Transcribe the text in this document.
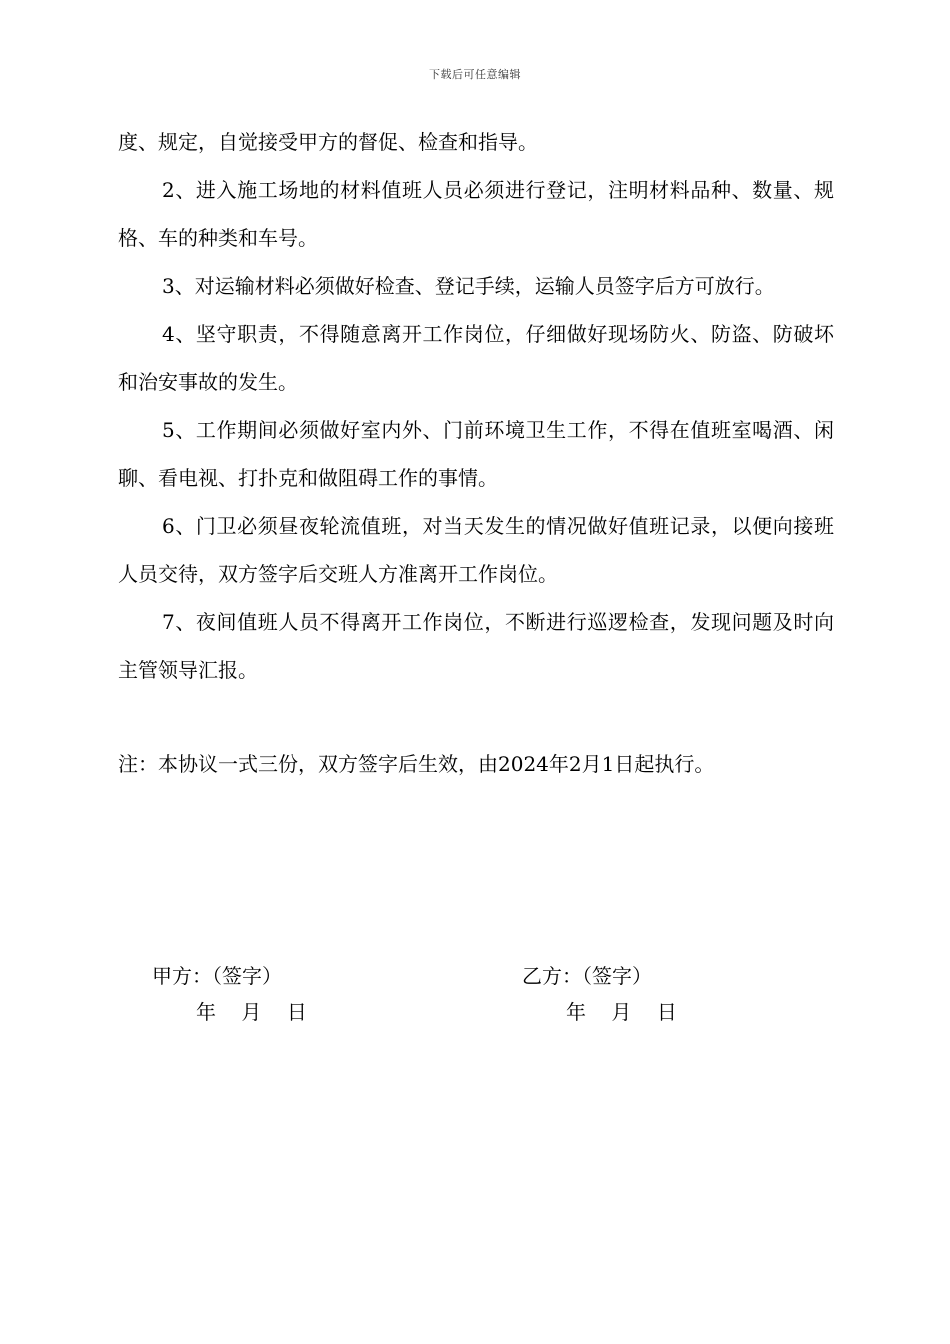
下载后可任意编辑

度、规定，自觉接受甲方的督促、检查和指导。

2、进入施工场地的材料值班人员必须进行登记，注明材料品种、数量、规格、车的种类和车号。

3、对运输材料必须做好检查、登记手续，运输人员签字后方可放行。

4、坚守职责，不得随意离开工作岗位，仔细做好现场防火、防盗、防破坏和治安事故的发生。

5、工作期间必须做好室内外、门前环境卫生工作，不得在值班室喝酒、闲聊、看电视、打扑克和做阻碍工作的事情。

6、门卫必须昼夜轮流值班，对当天发生的情况做好值班记录，以便向接班人员交待，双方签字后交班人方准离开工作岗位。

7、夜间值班人员不得离开工作岗位，不断进行巡逻检查，发现问题及时向主管领导汇报。

注：本协议一式三份，双方签字后生效，由2024年2月1日起执行。
甲方：（签字）
年    月    日
乙方：（签字）
年    月    日
